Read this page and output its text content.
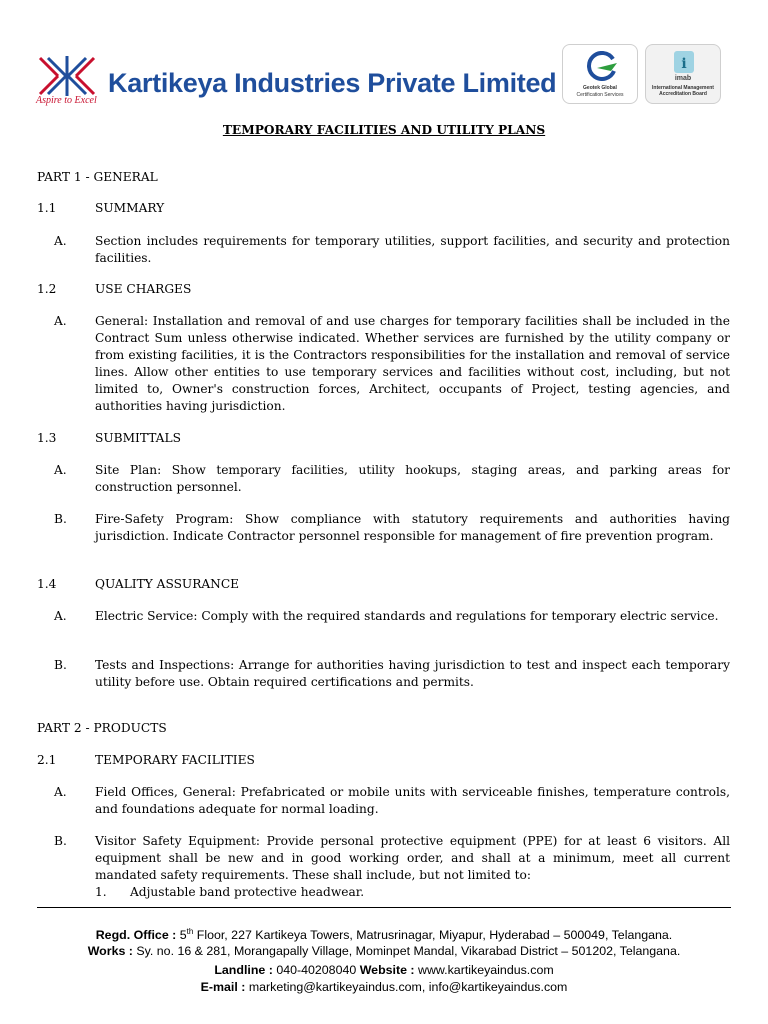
Aspire to Excel
Kartikeya Industries Private Limited	Geotek Global
Certification Services
i
imab
International Management
Accreditation Board
TEMPORARY FACILITIES AND UTILITY PLANS
PART 1 - GENERAL
1.1	SUMMARY
A. Section includes requirements for temporary utilities, support facilities, and security and protection facilities.
1.2	USE CHARGES
A. General: Installation and removal of and use charges for temporary facilities shall be included in the Contract Sum unless otherwise indicated. Whether services are furnished by the utility company or from existing facilities, it is the Contractors responsibilities for the installation and removal of service lines. Allow other entities to use temporary services and facilities without cost, including, but not limited to, Owner's construction forces, Architect, occupants of Project, testing agencies, and authorities having jurisdiction.
1.3	SUBMITTALS
A. Site Plan: Show temporary facilities, utility hookups, staging areas, and parking areas for construction personnel.
B. Fire-Safety Program: Show compliance with statutory requirements and authorities having jurisdiction. Indicate Contractor personnel responsible for management of fire prevention program.
1.4	QUALITY ASSURANCE
A. Electric Service: Comply with the required standards and regulations for temporary electric service.
B. Tests and Inspections: Arrange for authorities having jurisdiction to test and inspect each temporary utility before use. Obtain required certifications and permits.
PART 2 - PRODUCTS
2.1	TEMPORARY FACILITIES
A. Field Offices, General: Prefabricated or mobile units with serviceable finishes, temperature controls, and foundations adequate for normal loading.
B. Visitor Safety Equipment: Provide personal protective equipment (PPE) for at least 6 visitors. All equipment shall be new and in good working order, and shall at a minimum, meet all current mandated safety requirements. These shall include, but not limited to:
1. Adjustable band protective headwear.
Regd. Office : 5th Floor, 227 Kartikeya Towers, Matrusrinagar, Miyapur, Hyderabad – 500049, Telangana.
Works : Sy. no. 16 & 281, Morangapally Village, Mominpet Mandal, Vikarabad District – 501202, Telangana.
Landline : 040-40208040 Website : www.kartikeyaindus.com
E-mail : marketing@kartikeyaindus.com, info@kartikeyaindus.com
